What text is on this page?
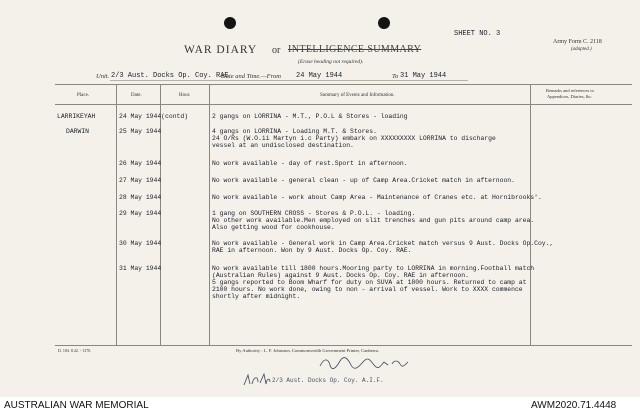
SHEET NO. 3
Army Form C. 2118
(adapted.)
WAR DIARY or INTELLIGENCE SUMMARY
(Erase heading not required).
Unit. 2/3 Aust. Docks Op. Coy. RAE
Date and Time.—From 24 May 1944	To 31 May 1944
Place.	Date.	Hour.	Summary of Events and Information.
Remarks and references to
Appendices, Diaries, &c.
LARRIKEYAH	24 May 1944(contd)	2 gangs on LORRINA - M.T., P.O.L & Stores - loading
DARWIN	25 May 1944	4 gangs on LORRINA - Loading M.T. & Stores.
24 O/Rs (W.O.ii Martyn i.c Party) embark on XXXXXXXXX LORRINA to discharge
vessel at an undisclosed destination.
26 May 1944	No work available - day of rest.Sport in afternoon.
27 May 1944	No work available - general clean - up of Camp Area.Cricket match in afternoon.
28 May 1944	No work available - work about Camp Area - Maintenance of Cranes etc. at Hornibrooks'.
29 May 1944	1 gang on SOUTHERN CROSS - Stores & P.O.L. - loading.
No other work available.Men employed on slit trenches and gun pits around camp area.
Also getting wood for cookhouse.
30 May 1944	No work available - General work in Camp Area.Cricket match versus 9 Aust. Docks Op.Coy.,
RAE in afternoon. Won by 9 Aust. Docks Op. Coy. RAE.
31 May 1944	No work available till 1800 hours.Mooring party to LORRINA in morning.Football match
(Australian Rules) against 9 Aust. Docks Op. Coy. RAE in afternoon.
5 gangs reported to Boom Wharf for duty on SUVA at 1800 hours. Returned to camp at
2100 hours. No work done, owing to non - arrival of vessel. Work to XXXX commence
shortly after midnight.
D. 184. 8.42. - 1370.	By Authority : L. F. Johnston, Commonwealth Government Printer, Canberra.
2/3 Aust. Docks Op. Coy. A.I.F.
AUSTRALIAN WAR MEMORIAL	AWM2020.71.4448
